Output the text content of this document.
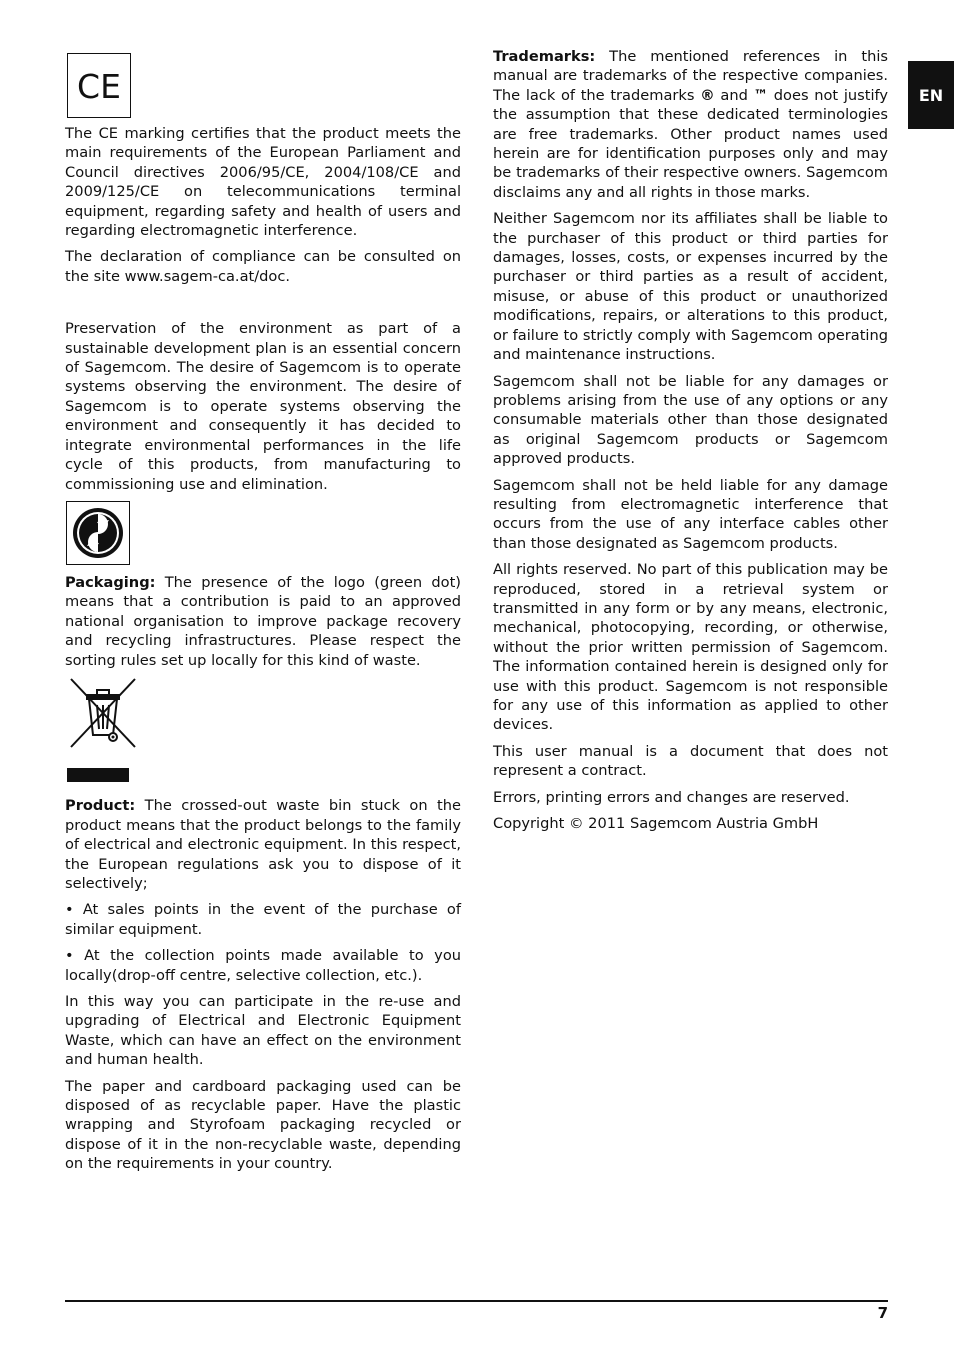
EN
CE

The CE marking certifies that the product meets the main requirements of the European Parliament and Council directives 2006/95/CE, 2004/108/CE and 2009/125/CE on telecommunications terminal equipment, regarding safety and health of users and regarding electromagnetic interference.

The declaration of compliance can be consulted on the site www.sagem-ca.at/doc.

Preservation of the environment as part of a sustainable development plan is an essential concern of Sagemcom. The desire of Sagemcom is to operate systems observing the environment. The desire of Sagemcom is to operate systems observing the environment and consequently it has decided to integrate environmental performances in the life cycle of this products, from manufacturing to commissioning use and elimination.

Packaging: The presence of the logo (green dot) means that a contribution is paid to an approved national organisation to improve package recovery and recycling infrastructures. Please respect the sorting rules set up locally for this kind of waste.

Product: The crossed-out waste bin stuck on the product means that the product belongs to the family of electrical and electronic equipment. In this respect, the European regulations ask you to dispose of it selectively;

• At sales points in the event of the purchase of similar equipment.

• At the collection points made available to you locally(drop-off centre, selective collection, etc.).

In this way you can participate in the re-use and upgrading of Electrical and Electronic Equipment Waste, which can have an effect on the environment and human health.

The paper and cardboard packaging used can be disposed of as recyclable paper. Have the plastic wrapping and Styrofoam packaging recycled or dispose of it in the non-recyclable waste, depending on the requirements in your country.

Trademarks: The mentioned references in this manual are trademarks of the respective companies. The lack of the trademarks ® and ™ does not justify the assumption that these dedicated terminologies are free trademarks. Other product names used herein are for identification purposes only and may be trademarks of their respective owners. Sagemcom disclaims any and all rights in those marks.

Neither Sagemcom nor its affiliates shall be liable to the purchaser of this product or third parties for damages, losses, costs, or expenses incurred by the purchaser or third parties as a result of accident, misuse, or abuse of this product or unauthorized modifications, repairs, or alterations to this product, or failure to strictly comply with Sagemcom operating and maintenance instructions.

Sagemcom shall not be liable for any damages or problems arising from the use of any options or any consumable materials other than those designated as original Sagemcom products or Sagemcom approved products.

Sagemcom shall not be held liable for any damage resulting from electromagnetic interference that occurs from the use of any interface cables other than those designated as Sagemcom products.

All rights reserved. No part of this publication may be reproduced, stored in a retrieval system or transmitted in any form or by any means, electronic, mechanical, photocopying, recording, or otherwise, without the prior written permission of Sagemcom. The information contained herein is designed only for use with this product. Sagemcom is not responsible for any use of this information as applied to other devices.

This user manual is a document that does not represent a contract.

Errors, printing errors and changes are reserved.

Copyright © 2011 Sagemcom Austria GmbH

7
